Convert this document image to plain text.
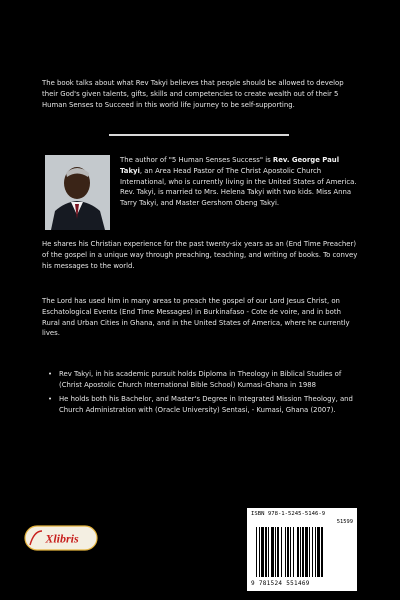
The book talks about what Rev Takyi believes that people should be allowed to develop their God's given talents, gifts, skills and competencies to create wealth out of their 5 Human Senses to Succeed in this world life journey to be self-supporting.
The author of "5 Human Senses Success" is Rev. George Paul Takyi, an Area Head Pastor of The Christ Apostolic Church International, who is currently living in the United States of America. Rev. Takyi, is married to Mrs. Helena Takyi with two kids. Miss Anna Tarry Takyi, and Master Gershom Obeng Takyi.
He shares his Christian experience for the past twenty-six years as an (End Time Preacher) of the gospel in a unique way through preaching, teaching, and writing of books. To convey his messages to the world.
The Lord has used him in many areas to preach the gospel of our Lord Jesus Christ, on Eschatological Events (End Time Messages) in Burkinafaso - Cote de voire, and in both Rural and Urban Cities in Ghana, and in the United States of America, where he currently lives.
• Rev Takyi, in his academic pursuit holds Diploma in Theology in Biblical Studies of (Christ Apostolic Church International Bible School) Kumasi-Ghana in 1988
• He holds both his Bachelor, and Master's Degree in Integrated Mission Theology, and Church Administration with (Oracle University) Sentasi, - Kumasi, Ghana (2007).
Xlibris
ISBN 978-1-5245-5146-9
51599
9 781524 551469
